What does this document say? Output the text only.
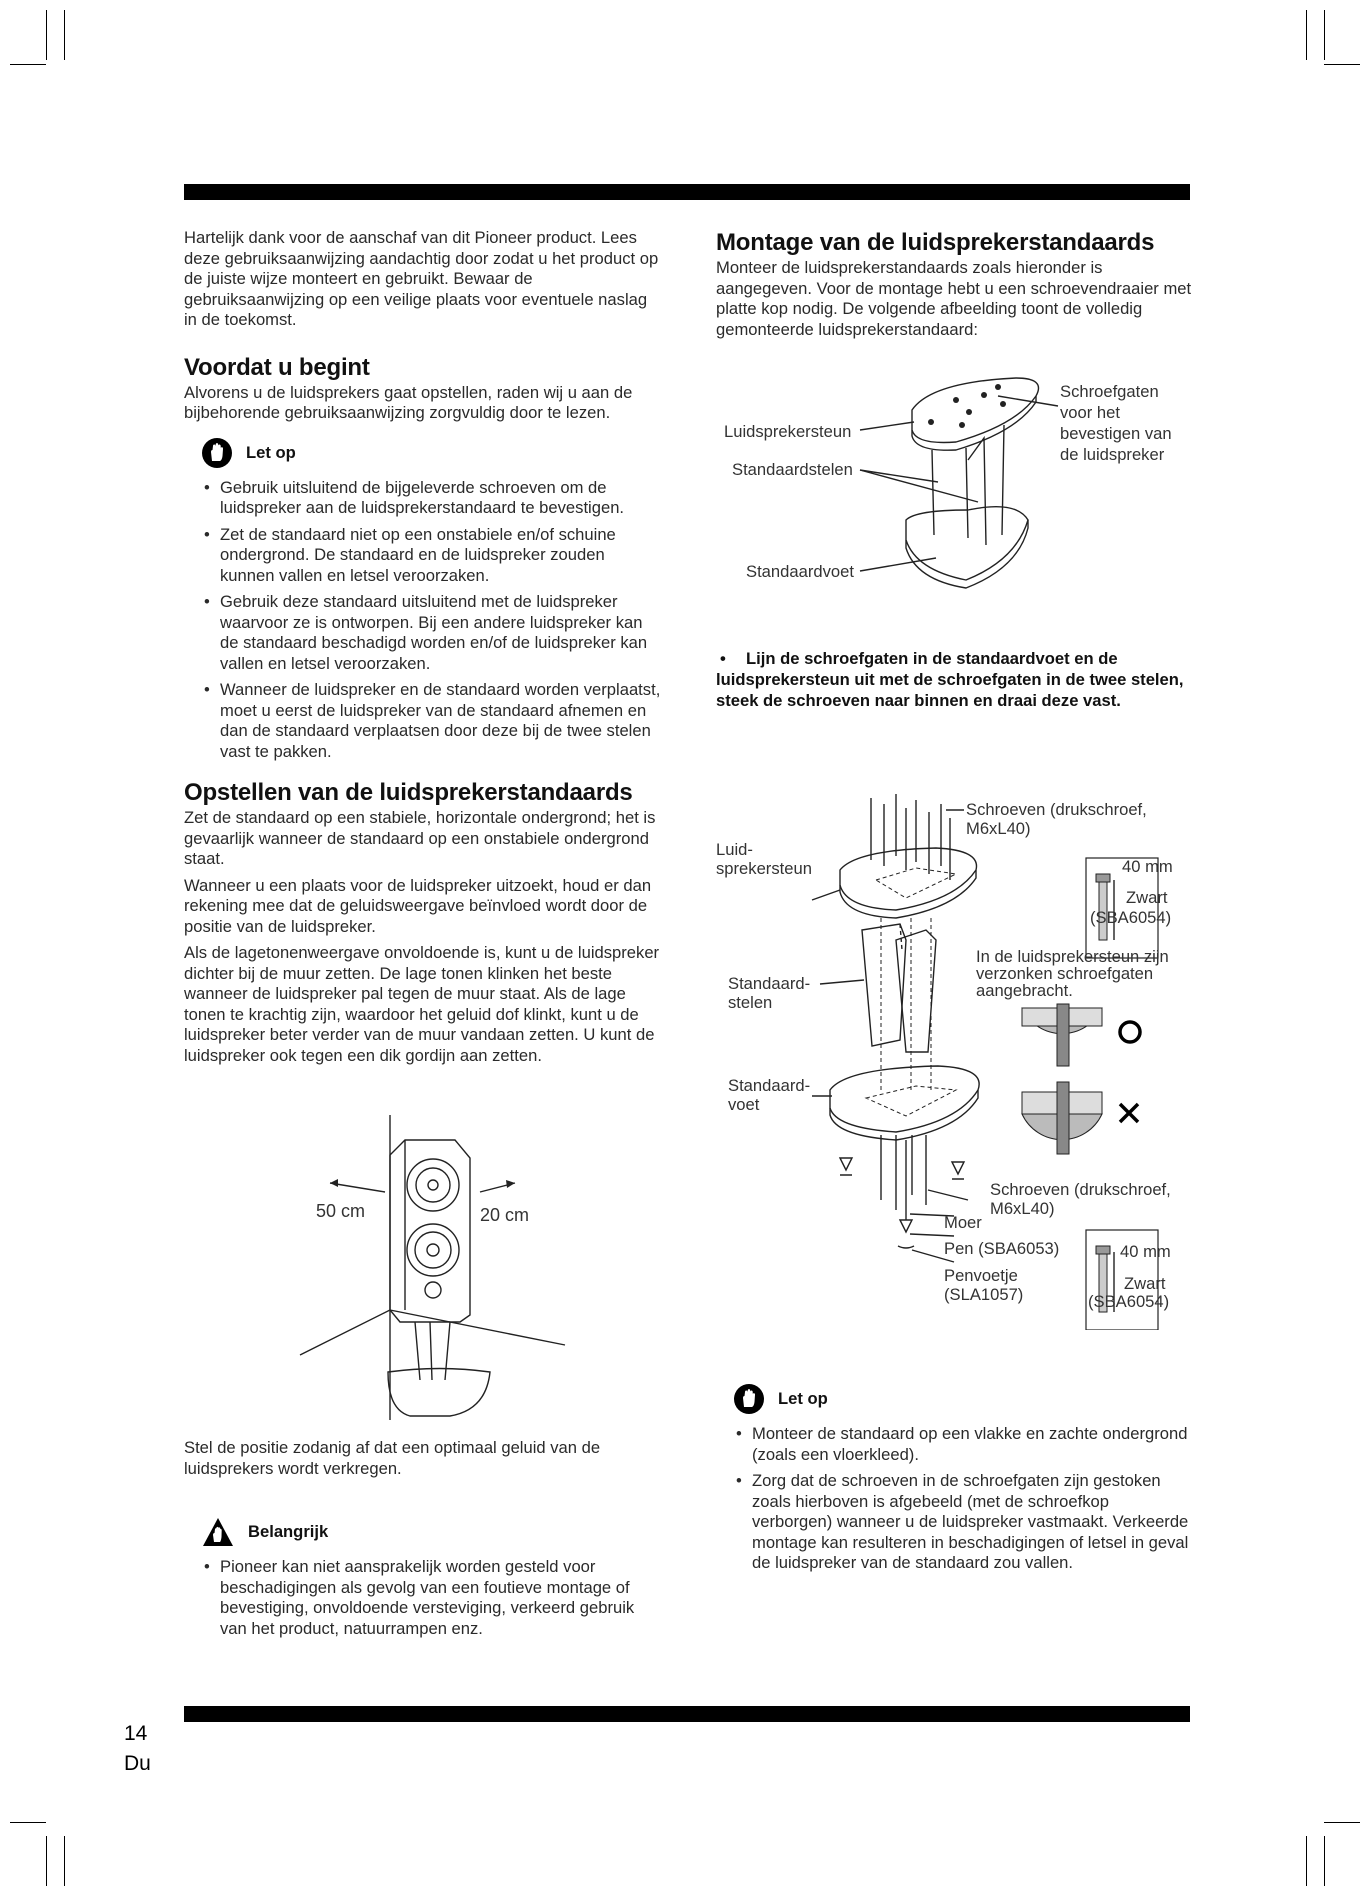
Hartelijk dank voor de aanschaf van dit Pioneer product. Lees deze gebruiksaanwijzing aandachtig door zodat u het product op de juiste wijze monteert en gebruikt. Bewaar de gebruiksaanwijzing op een veilige plaats voor eventuele naslag in de toekomst.

Voordat u begint

Alvorens u de luidsprekers gaat opstellen, raden wij u aan de bijbehorende gebruiksaanwijzing zorgvuldig door te lezen.

Let op
• Gebruik uitsluitend de bijgeleverde schroeven om de luidspreker aan de luidsprekerstandaard te bevestigen.
• Zet de standaard niet op een onstabiele en/of schuine ondergrond. De standaard en de luidspreker zouden kunnen vallen en letsel veroorzaken.
• Gebruik deze standaard uitsluitend met de luidspreker waarvoor ze is ontworpen. Bij een andere luidspreker kan de standaard beschadigd worden en/of de luidspreker kan vallen en letsel veroorzaken.
• Wanneer de luidspreker en de standaard worden verplaatst, moet u eerst de luidspreker van de standaard afnemen en dan de standaard verplaatsen door deze bij de twee stelen vast te pakken.
Opstellen van de luidsprekerstandaards

Zet de standaard op een stabiele, horizontale ondergrond; het is gevaarlijk wanneer de standaard op een onstabiele ondergrond staat.

Wanneer u een plaats voor de luidspreker uitzoekt, houd er dan rekening mee dat de geluidsweergave beïnvloed wordt door de positie van de luidspreker.

Als de lagetonenweergave onvoldoende is, kunt u de luidspreker dichter bij de muur zetten. De lage tonen klinken het beste wanneer de luidspreker pal tegen de muur staat. Als de lage tonen te krachtig zijn, waardoor het geluid dof klinkt, kunt u de luidspreker beter verder van de muur vandaan zetten. U kunt de luidspreker ook tegen een dik gordijn aan zetten.

50 cm	20 cm

Stel de positie zodanig af dat een optimaal geluid van de luidsprekers wordt verkregen.

Belangrijk
• Pioneer kan niet aansprakelijk worden gesteld voor beschadigingen als gevolg van een foutieve montage of bevestiging, onvoldoende versteviging, verkeerd gebruik van het product, natuurrampen enz.
Montage van de luidsprekerstandaards

Monteer de luidsprekerstandaards zoals hieronder is aangegeven. Voor de montage hebt u een schroevendraaier met platte kop nodig. De volgende afbeelding toont de volledig gemonteerde luidsprekerstandaard:

Luidsprekersteun
Standaardstelen
Standaardvoet
Schroefgaten
voor het
bevestigen van
de luidspreker
• Lijn de schroefgaten in de standaardvoet en de luidsprekersteun uit met de schroefgaten in de twee stelen, steek de schroeven naar binnen en draai deze vast.
Schroeven (drukschroef,
M6xL40)
Luid-
sprekersteun	40 mm
Zwart
(SBA6054)
In de luidsprekersteun zijn
verzonken schroefgaten
aangebracht.
Standaard-
stelen
Standaard-
voet
Schroeven (drukschroef,
M6xL40)
Moer
Pen (SBA6053)
Penvoetje
(SLA1057)
40 mm
Zwart
(SBA6054)
Let op
• Monteer de standaard op een vlakke en zachte ondergrond (zoals een vloerkleed).
• Zorg dat de schroeven in de schroefgaten zijn gestoken zoals hierboven is afgebeeld (met de schroefkop verborgen) wanneer u de luidspreker vastmaakt. Verkeerde montage kan resulteren in beschadigingen of letsel in geval de luidspreker van de standaard zou vallen.
14
Du
